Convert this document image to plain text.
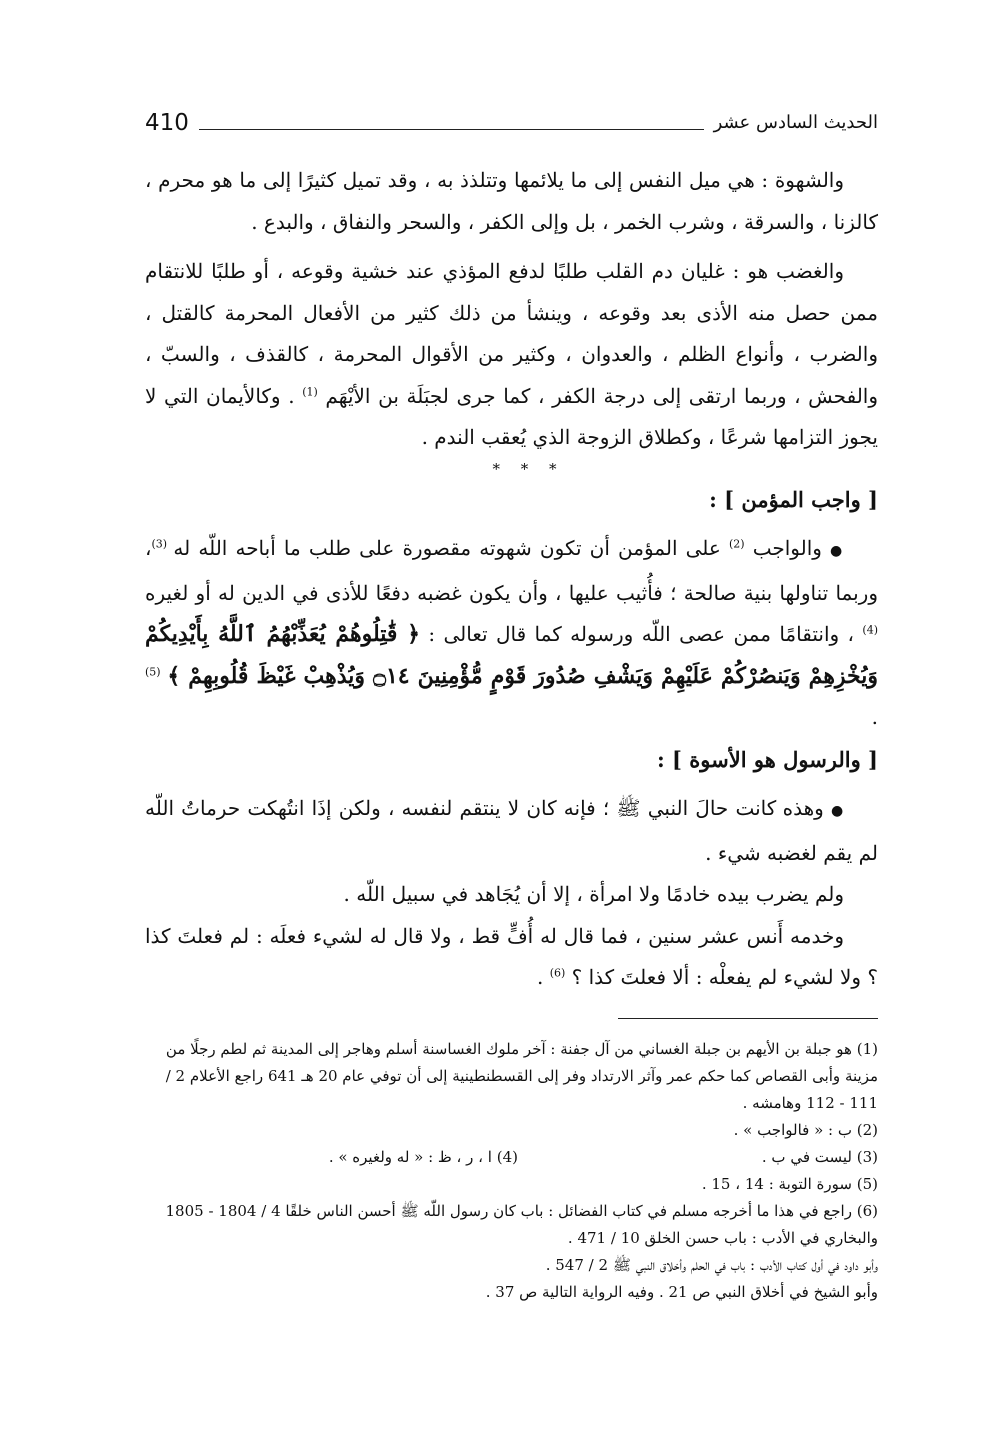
410	الحديث السادس عشر

والشهوة : هي ميل النفس إلى ما يلائمها وتتلذذ به ، وقد تميل كثيرًا إلى ما هو محرم ، كالزنا ، والسرقة ، وشرب الخمر ، بل وإلى الكفر ، والسحر والنفاق ، والبدع .

والغضب هو : غليان دم القلب طلبًا لدفع المؤذي عند خشية وقوعه ، أو طلبًا للانتقام ممن حصل منه الأذى بعد وقوعه ، وينشأ من ذلك كثير من الأفعال المحرمة كالقتل ، والضرب ، وأنواع الظلم ، والعدوان ، وكثير من الأقوال المحرمة ، كالقذف ، والسبّ ، والفحش ، وربما ارتقى إلى درجة الكفر ، كما جرى لجبَلَة بن الأيْهَم $^{(1)}$ . وكالأيمان التي لا يجوز التزامها شرعًا ، وكطلاق الزوجة الذي يُعقب الندم .

* * *

[ واجب المؤمن ] :

● والواجب $^{(2)}$ على المؤمن أن تكون شهوته مقصورة على طلب ما أباحه اللّه له $^{(3)}$، وربما تناولها بنية صالحة ؛ فأُثيب عليها ، وأن يكون غضبه دفعًا للأذى في الدين له أو لغيره $^{(4)}$ ، وانتقامًا ممن عصى اللّه ورسوله كما قال تعالى : ﴿ قَٰتِلُوهُمْ يُعَذِّبْهُمُ ٱللَّهُ بِأَيْدِيكُمْ وَيُخْزِهِمْ وَيَنصُرْكُمْ عَلَيْهِمْ وَيَشْفِ صُدُورَ قَوْمٍ مُّؤْمِنِينَ ۝١٤ وَيُذْهِبْ غَيْظَ قُلُوبِهِمْ ﴾ $^{(5)}$ .

[ والرسول هو الأسوة ] :

● وهذه كانت حالَ النبي ﷺ ؛ فإنه كان لا ينتقم لنفسه ، ولكن إذَا انتُهكت حرماتُ اللّه لم يقم لغضبه شيء .

ولم يضرب بيده خادمًا ولا امرأة ، إلا أن يُجَاهد في سبيل اللّه .

وخدمه أَنس عشر سنين ، فما قال له أُفٍّ قط ، ولا قال له لشيء فعلَه : لم فعلتَ كذا ؟ ولا لشيء لم يفعلْه : ألا فعلتَ كذا ؟ $^{(6)}$ .

(1) هو جبلة بن الأيهم بن جبلة الغساني من آل جفنة : آخر ملوك الغساسنة أسلم وهاجر إلى المدينة ثم لطم رجلًا من مزينة وأبى القصاص كما حكم عمر وآثر الارتداد وفر إلى القسطنطينية إلى أن توفي عام 20 هـ 641 راجع الأعلام 2 / 111 - 112 وهامشه .

(2) ب : « فالواجب » .

(3) ليست في ب .

(4) ا ، ر ، ظ : « له ولغيره » .

(5) سورة التوبة : 14 ، 15 .

(6) راجع في هذا ما أخرجه مسلم في كتاب الفضائل : باب كان رسول اللّه ﷺ أحسن الناس خلقًا 4 / 1804 - 1805 والبخاري في الأدب : باب حسن الخلق 10 / 471 .

وأبو داود في أول كتاب الأدب : باب في الحلم وأخلاق النبي ﷺ 2 / 547 .

وأبو الشيخ في أخلاق النبي ص 21 . وفيه الرواية التالية ص 37 .
